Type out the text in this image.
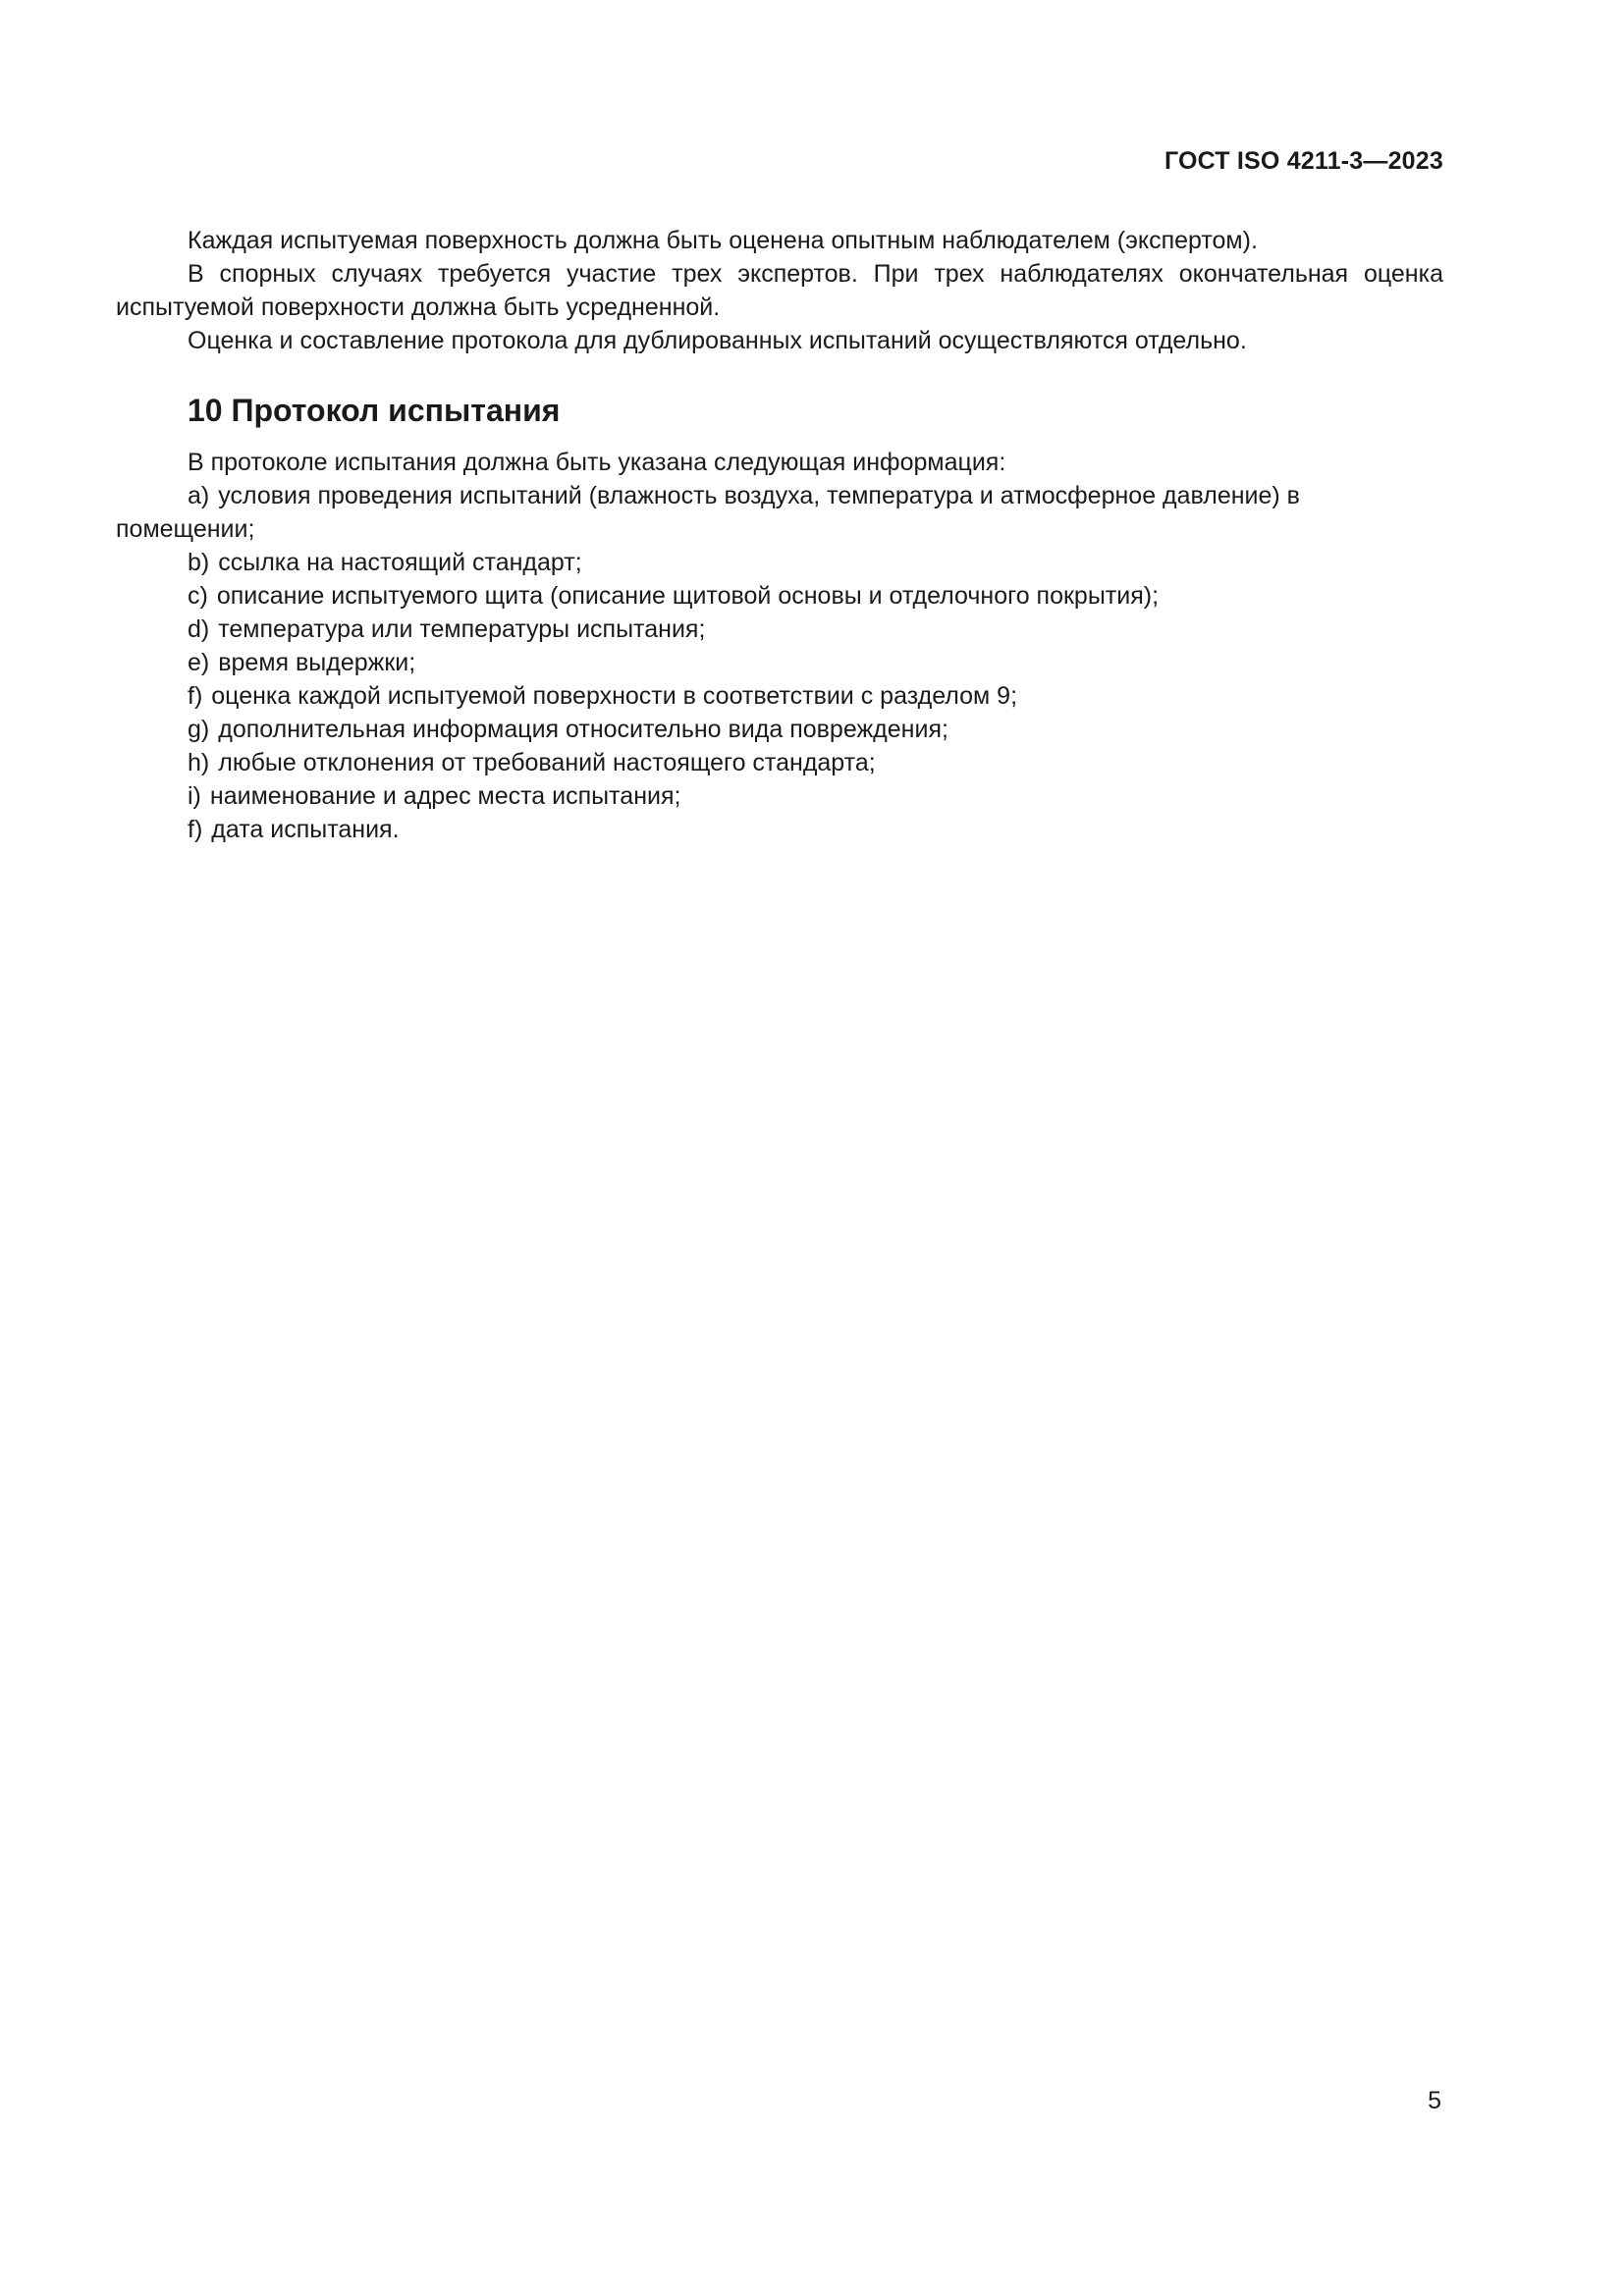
ГОСТ ISO 4211-3—2023

Каждая испытуемая поверхность должна быть оценена опытным наблюдателем (экспертом).

В спорных случаях требуется участие трех экспертов. При трех наблюдателях окончательная оценка испытуемой поверхности должна быть усредненной.

Оценка и составление протокола для дублированных испытаний осуществляются отдельно.

10 Протокол испытания

В протоколе испытания должна быть указана следующая информация:

a) условия проведения испытаний (влажность воздуха, температура и атмосферное давление) в помещении;
b) ссылка на настоящий стандарт;
c) описание испытуемого щита (описание щитовой основы и отделочного покрытия);
d) температура или температуры испытания;
e) время выдержки;
f) оценка каждой испытуемой поверхности в соответствии с разделом 9;
g) дополнительная информация относительно вида повреждения;
h) любые отклонения от требований настоящего стандарта;
i) наименование и адрес места испытания;
f) дата испытания.
5
